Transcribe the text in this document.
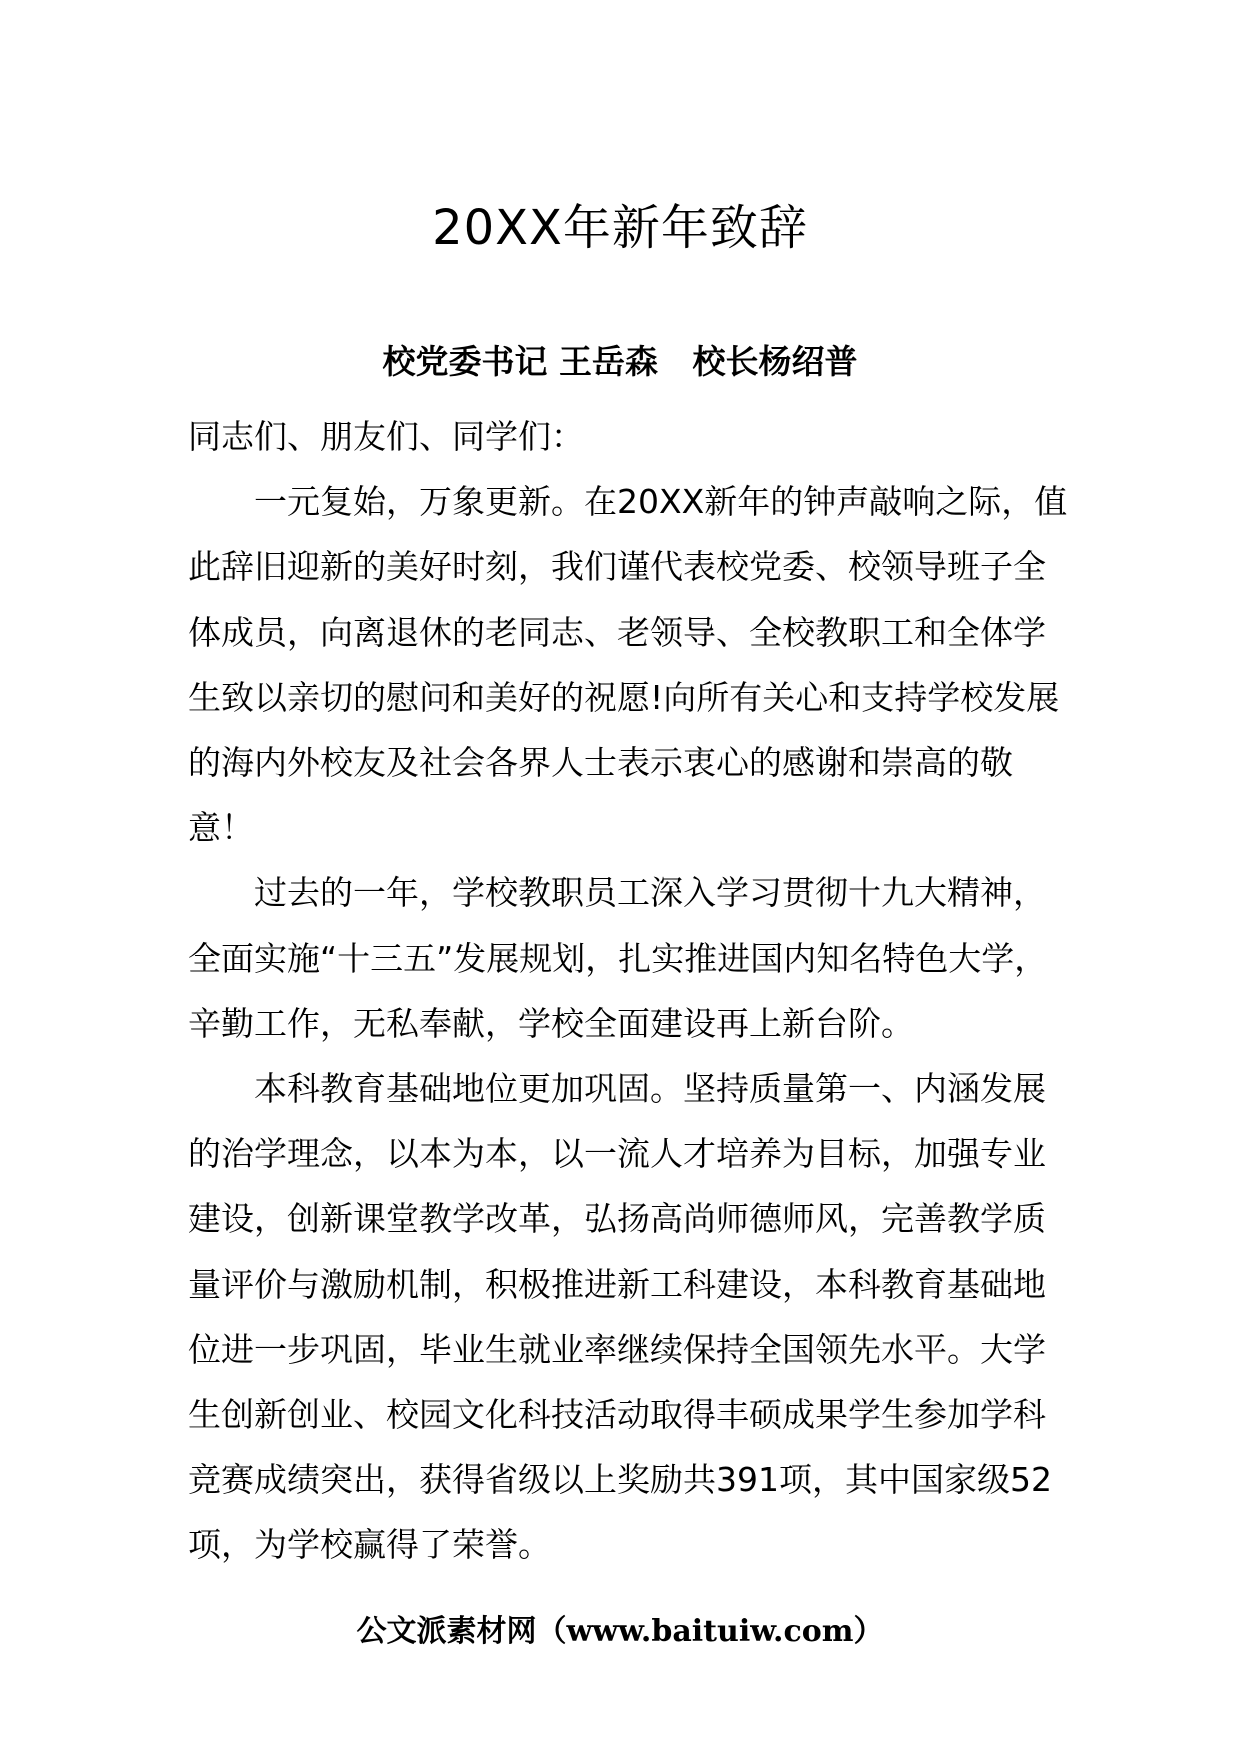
20XX年新年致辞
校党委书记 王岳森   校长杨绍普

同志们、朋友们、同学们：

一元复始，万象更新。在20XX新年的钟声敲响之际，值此辞旧迎新的美好时刻，我们谨代表校党委、校领导班子全体成员，向离退休的老同志、老领导、全校教职工和全体学生致以亲切的慰问和美好的祝愿!向所有关心和支持学校发展的海内外校友及社会各界人士表示衷心的感谢和崇高的敬意！

过去的一年，学校教职员工深入学习贯彻十九大精神，全面实施“十三五”发展规划，扎实推进国内知名特色大学，辛勤工作，无私奉献，学校全面建设再上新台阶。

本科教育基础地位更加巩固。坚持质量第一、内涵发展的治学理念，以本为本，以一流人才培养为目标，加强专业建设，创新课堂教学改革，弘扬高尚师德师风，完善教学质量评价与激励机制，积极推进新工科建设，本科教育基础地位进一步巩固，毕业生就业率继续保持全国领先水平。大学生创新创业、校园文化科技活动取得丰硕成果学生参加学科竞赛成绩突出，获得省级以上奖励共391项，其中国家级52项，为学校赢得了荣誉。

公文派素材网（www.baituiw.com）
